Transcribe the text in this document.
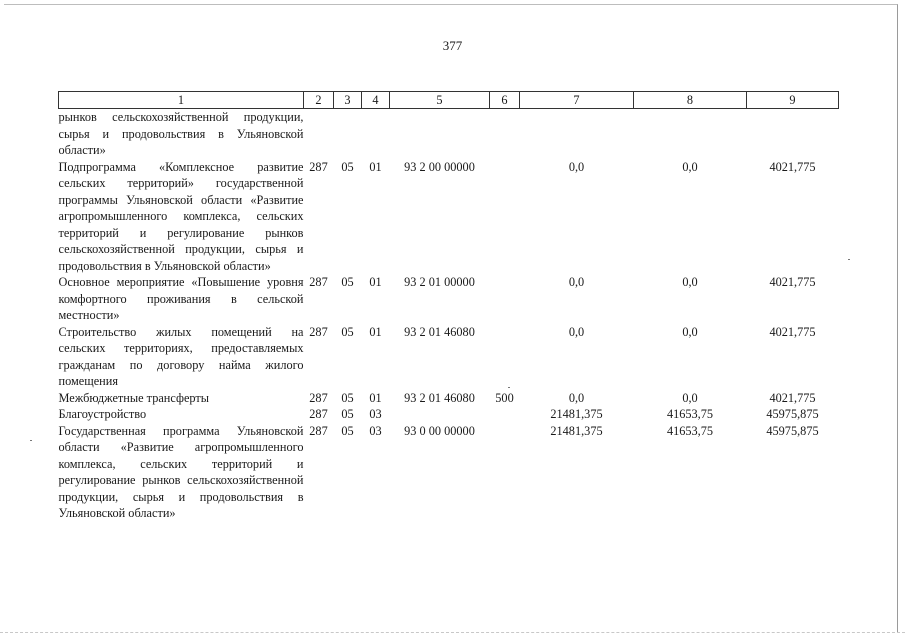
377
1	2	3	4	5	6	7	8	9
рынков сельскохозяйственной продукции, сырья и продовольствия в Ульяновской области»								
Подпрограмма «Комплексное развитие сельских территорий» государственной программы Ульяновской области «Развитие агропромышленного комплекса, сельских территорий и регулирование рынков сельскохозяйственной продукции, сырья и продовольствия в Ульяновской области»	287	05	01	93 2 00 00000		0,0	0,0	4021,775
Основное мероприятие «Повышение уровня комфортного проживания в сельской местности»	287	05	01	93 2 01 00000		0,0	0,0	4021,775
Строительство жилых помещений на сельских территориях, предоставляемых гражданам по договору найма жилого помещения	287	05	01	93 2 01 46080		0,0	0,0	4021,775
Межбюджетные трансферты	287	05	01	93 2 01 46080	500	0,0	0,0	4021,775
Благоустройство	287	05	03			21481,375	41653,75	45975,875
Государственная программа Ульяновской области «Развитие агропромышленного комплекса, сельских территорий и регулирование рынков сельскохозяйственной продукции, сырья и продовольствия в Ульяновской области»	287	05	03	93 0 00 00000		21481,375	41653,75	45975,875
